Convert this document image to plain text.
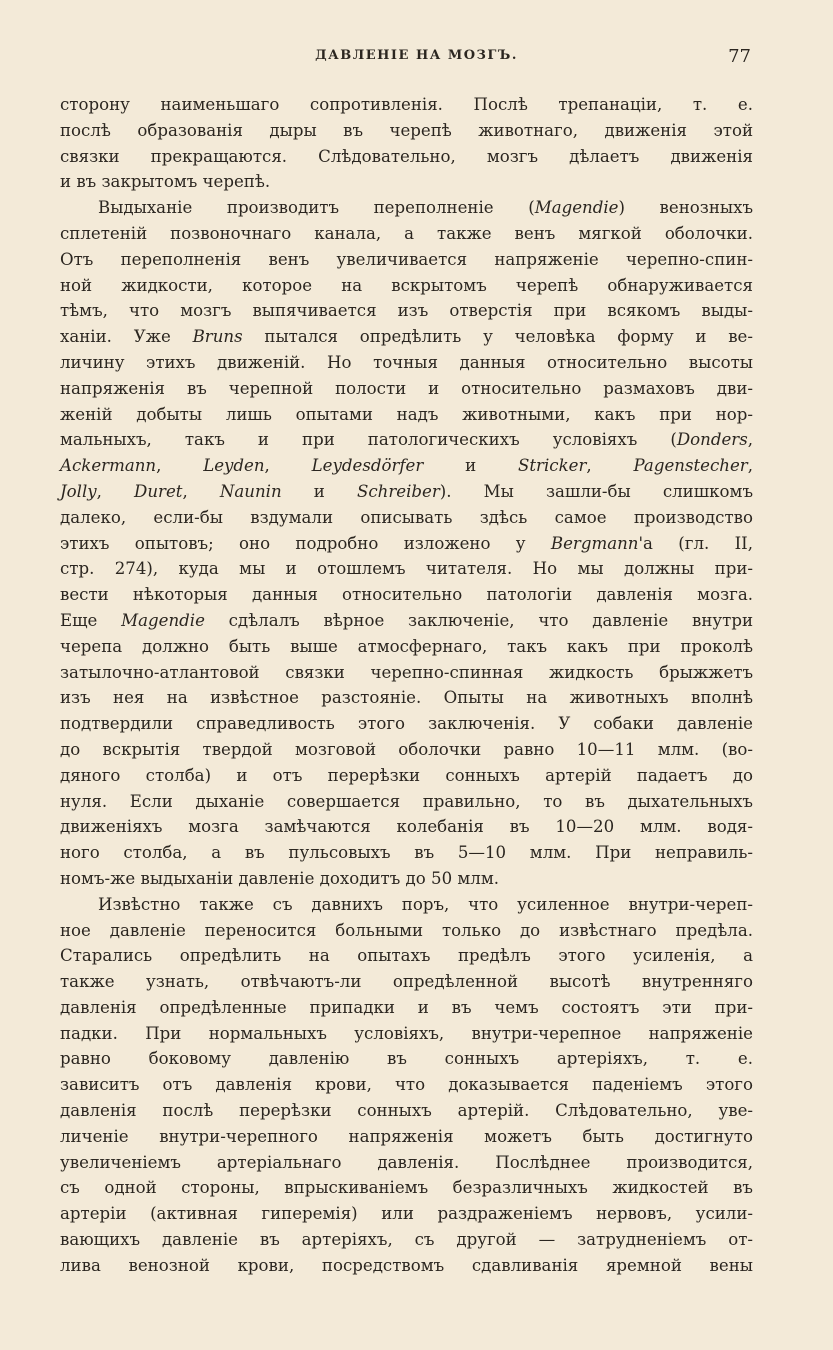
ДАВЛЕНІЕ НА МОЗГЪ.	77
сторону наименьшаго сопротивленія. Послѣ трепанаціи, т. е.
послѣ образованія дыры въ черепѣ животнаго, движенія этой
связки прекращаются. Слѣдовательно, мозгъ дѣлаетъ движенія
и въ закрытомъ черепѣ.
Выдыханіе производитъ переполненіе (Magendie) венозныхъ
сплетеній позвоночнаго канала, а также венъ мягкой оболочки.
Отъ переполненія венъ увеличивается напряженіе черепно-спин-
ной жидкости, которое на вскрытомъ черепѣ обнаруживается
тѣмъ, что мозгъ выпячивается изъ отверстія при всякомъ выды-
ханіи. Уже Bruns пытался опредѣлить у человѣка форму и ве-
личину этихъ движеній. Но точныя данныя относительно высоты
напряженія въ черепной полости и относительно размаховъ дви-
женій добыты лишь опытами надъ животными, какъ при нор-
мальныхъ, такъ и при патологическихъ условіяхъ (Donders,
Ackermann, Leyden, Leydesdörfer и Stricker, Pagenstecher,
Jolly, Duret, Naunin и Schreiber). Мы зашли-бы слишкомъ
далеко, если-бы вздумали описывать здѣсь самое производство
этихъ опытовъ; оно подробно изложено у Bergmann'а (гл. II,
стр. 274), куда мы и отошлемъ читателя. Но мы должны при-
вести нѣкоторыя данныя относительно патологіи давленія мозга.
Еще Magendie сдѣлалъ вѣрное заключеніе, что давленіе внутри
черепа должно быть выше атмосфернаго, такъ какъ при проколѣ
затылочно-атлантовой связки черепно-спинная жидкость брыжжетъ
изъ нея на извѣстное разстояніе. Опыты на животныхъ вполнѣ
подтвердили справедливость этого заключенія. У собаки давленіе
до вскрытія твердой мозговой оболочки равно 10—11 млм. (во-
дяного столба) и отъ перерѣзки сонныхъ артерій падаетъ до
нуля. Если дыханіе совершается правильно, то въ дыхательныхъ
движеніяхъ мозга замѣчаются колебанія въ 10—20 млм. водя-
ного столба, а въ пульсовыхъ въ 5—10 млм. При неправиль-
номъ-же выдыханіи давленіе доходитъ до 50 млм.
Извѣстно также съ давнихъ поръ, что усиленное внутри-череп-
ное давленіе переносится больными только до извѣстнаго предѣла.
Старались опредѣлить на опытахъ предѣлъ этого усиленія, а
также узнать, отвѣчаютъ-ли опредѣленной высотѣ внутренняго
давленія опредѣленные припадки и въ чемъ состоятъ эти при-
падки. При нормальныхъ условіяхъ, внутри-черепное напряженіе
равно боковому давленію въ сонныхъ артеріяхъ, т. е.
зависитъ отъ давленія крови, что доказывается паденіемъ этого
давленія послѣ перерѣзки сонныхъ артерій. Слѣдовательно, уве-
личеніе внутри-черепного напряженія можетъ быть достигнуто
увеличеніемъ артеріальнаго давленія. Послѣднее производится,
съ одной стороны, впрыскиваніемъ безразличныхъ жидкостей въ
артеріи (активная гиперемія) или раздраженіемъ нервовъ, усили-
вающихъ давленіе въ артеріяхъ, съ другой — затрудненіемъ от-
лива венозной крови, посредствомъ сдавливанія яремной вены
